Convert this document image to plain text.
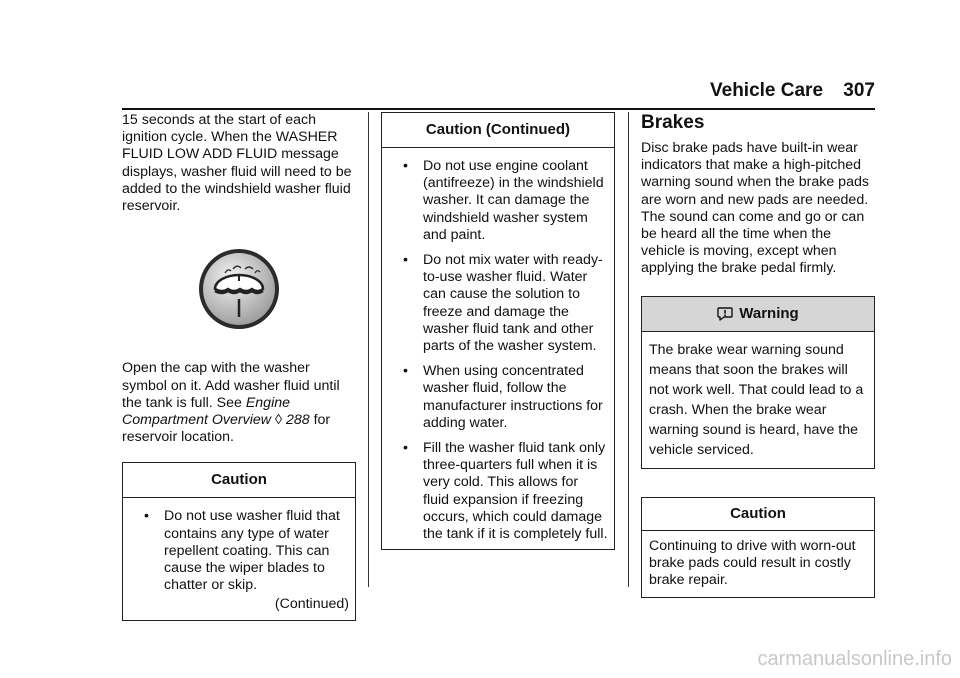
Vehicle Care 307

15 seconds at the start of each ignition cycle. When the WASHER FLUID LOW ADD FLUID message displays, washer fluid will need to be added to the windshield washer fluid reservoir.

Open the cap with the washer symbol on it. Add washer fluid until the tank is full. See Engine Compartment Overview ◊ 288 for reservoir location.

Caution
• Do not use washer fluid that contains any type of water repellent coating. This can cause the wiper blades to chatter or skip.
(Continued)
Caution (Continued)
• Do not use engine coolant (antifreeze) in the windshield washer. It can damage the windshield washer system and paint.
• Do not mix water with ready-to-use washer fluid. Water can cause the solution to freeze and damage the washer fluid tank and other parts of the washer system.
• When using concentrated washer fluid, follow the manufacturer instructions for adding water.
• Fill the washer fluid tank only three-quarters full when it is very cold. This allows for fluid expansion if freezing occurs, which could damage the tank if it is completely full.
Brakes

Disc brake pads have built-in wear indicators that make a high-pitched warning sound when the brake pads are worn and new pads are needed. The sound can come and go or can be heard all the time when the vehicle is moving, except when applying the brake pedal firmly.

Warning
The brake wear warning sound means that soon the brakes will not work well. That could lead to a crash. When the brake wear warning sound is heard, have the vehicle serviced.
Caution
Continuing to drive with worn-out brake pads could result in costly brake repair.
carmanualsonline.info
